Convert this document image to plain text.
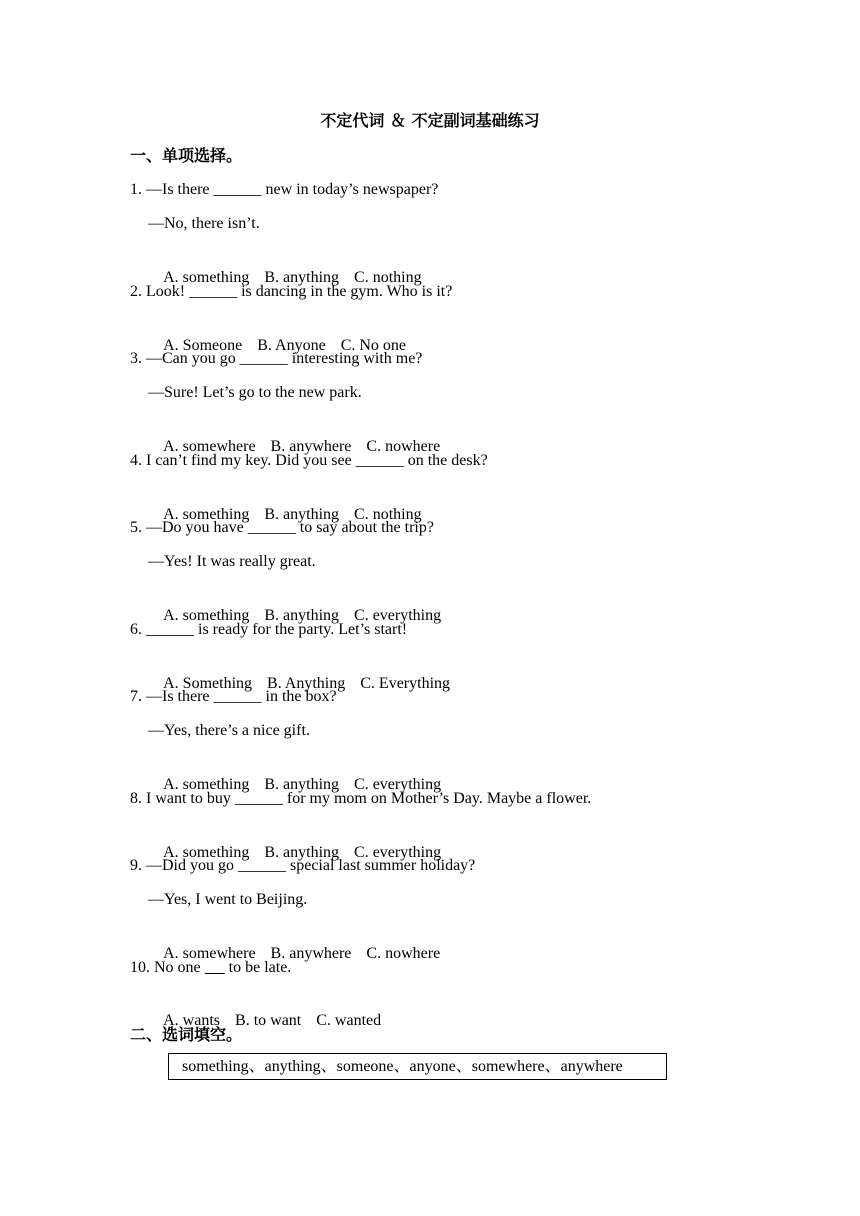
不定代词 ＆ 不定副词基础练习
一、单项选择。
1. —Is there ______ new in today’s newspaper?
—No, there isn’t.

A. something B. anything C. nothing

2. Look! ______ is dancing in the gym. Who is it?

A. Someone B. Anyone C. No one

3. —Can you go ______ interesting with me?
—Sure! Let’s go to the new park.

A. somewhere B. anywhere C. nowhere

4. I can’t find my key. Did you see ______ on the desk?

A. something B. anything C. nothing

5. —Do you have ______ to say about the trip?
—Yes! It was really great.

A. something B. anything C. everything

6. ______ is ready for the party. Let’s start!

A. Something B. Anything C. Everything

7. —Is there ______ in the box?
—Yes, there’s a nice gift.

A. something B. anything C. everything

8. I want to buy ______ for my mom on Mother’s Day. Maybe a flower.

A. something B. anything C. everything

9. —Did you go ______ special last summer holiday?
—Yes, I went to Beijing.

A. somewhere B. anywhere C. nowhere

10. No one       to be late.

A. wants B. to want C. wanted

二、选词填空。
something、anything、someone、anyone、somewhere、anywhere
